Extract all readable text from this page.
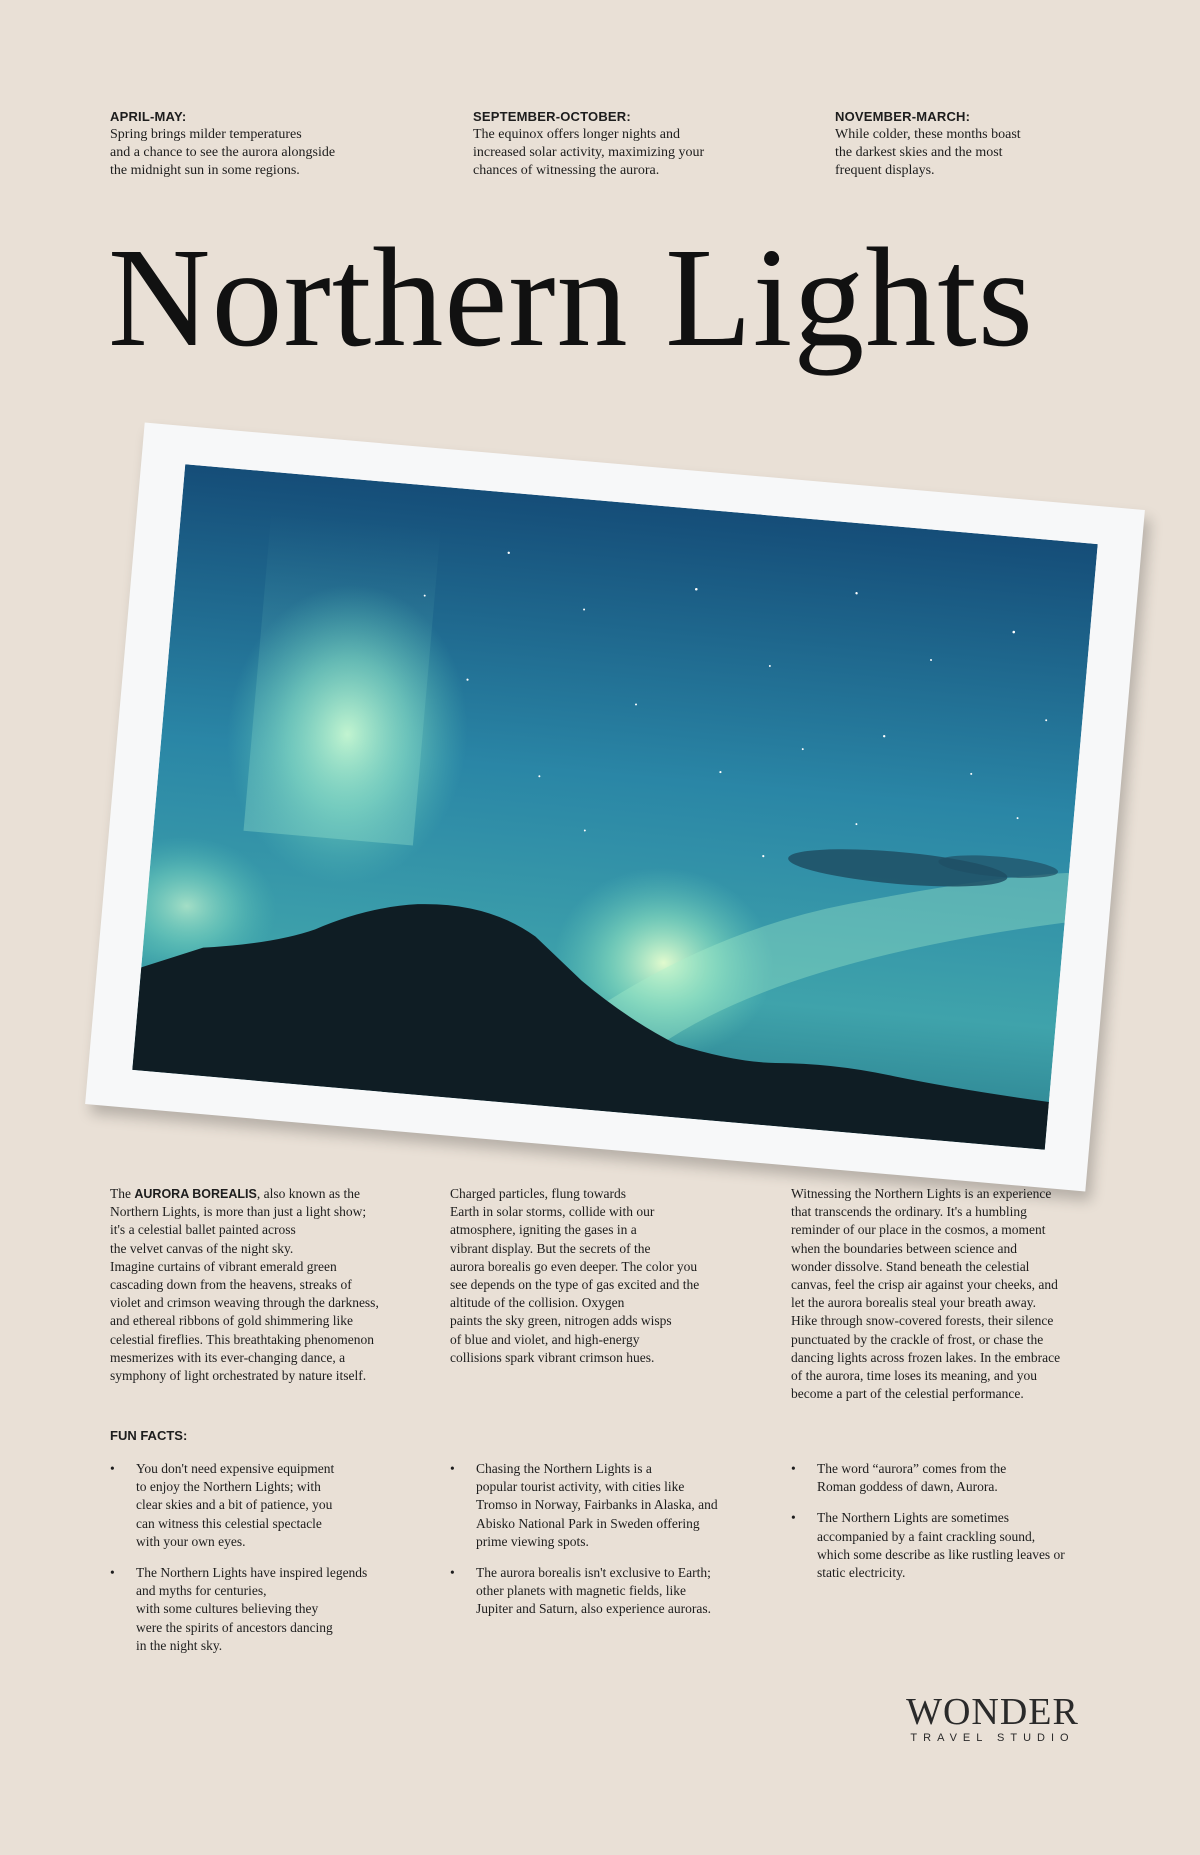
APRIL-MAY:
Spring brings milder temperatures
and a chance to see the aurora alongside
the midnight sun in some regions.
SEPTEMBER-OCTOBER:
The equinox offers longer nights and
increased solar activity, maximizing your
chances of witnessing the aurora.
NOVEMBER-MARCH:
While colder, these months boast
the darkest skies and the most
frequent displays.
Northern Lights
The AURORA BOREALIS, also known as the
Northern Lights, is more than just a light show;
it's a celestial ballet painted across
the velvet canvas of the night sky.
Imagine curtains of vibrant emerald green
cascading down from the heavens, streaks of
violet and crimson weaving through the darkness,
and ethereal ribbons of gold shimmering like
celestial fireflies. This breathtaking phenomenon
mesmerizes with its ever-changing dance, a
symphony of light orchestrated by nature itself.
Charged particles, flung towards
Earth in solar storms, collide with our
atmosphere, igniting the gases in a
vibrant display. But the secrets of the
aurora borealis go even deeper. The color you
see depends on the type of gas excited and the
altitude of the collision. Oxygen
paints the sky green, nitrogen adds wisps
of blue and violet, and high-energy
collisions spark vibrant crimson hues.
Witnessing the Northern Lights is an experience
that transcends the ordinary. It's a humbling
reminder of our place in the cosmos, a moment
when the boundaries between science and
wonder dissolve. Stand beneath the celestial
canvas, feel the crisp air against your cheeks, and
let the aurora borealis steal your breath away.
Hike through snow-covered forests, their silence
punctuated by the crackle of frost, or chase the
dancing lights across frozen lakes. In the embrace
of the aurora, time loses its meaning, and you
become a part of the celestial performance.
FUN FACTS:
• You don't need expensive equipment
to enjoy the Northern Lights; with
clear skies and a bit of patience, you
can witness this celestial spectacle
with your own eyes.
• The Northern Lights have inspired legends
and myths for centuries,
with some cultures believing they
were the spirits of ancestors dancing
in the night sky.
• Chasing the Northern Lights is a
popular tourist activity, with cities like
Tromso in Norway, Fairbanks in Alaska, and
Abisko National Park in Sweden offering
prime viewing spots.
• The aurora borealis isn't exclusive to Earth;
other planets with magnetic fields, like
Jupiter and Saturn, also experience auroras.
• The word “aurora” comes from the
Roman goddess of dawn, Aurora.
• The Northern Lights are sometimes
accompanied by a faint crackling sound,
which some describe as like rustling leaves or
static electricity.
WONDER
TRAVEL STUDIO
